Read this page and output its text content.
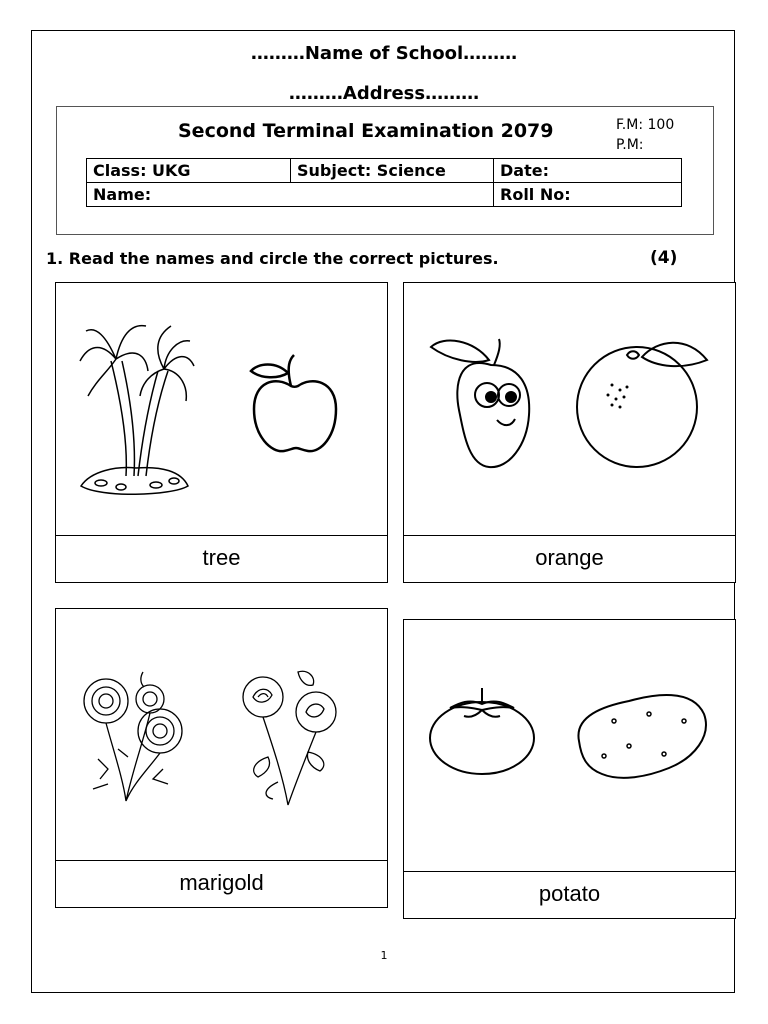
………Name of School………
………Address………
Second Terminal Examination 2079	F.M: 100
P.M:
Class: UKG	Subject: Science	Date:
Name:		Roll No:
1. Read the names and circle the correct pictures.	(4)
tree	orange
marigold	potato
1
